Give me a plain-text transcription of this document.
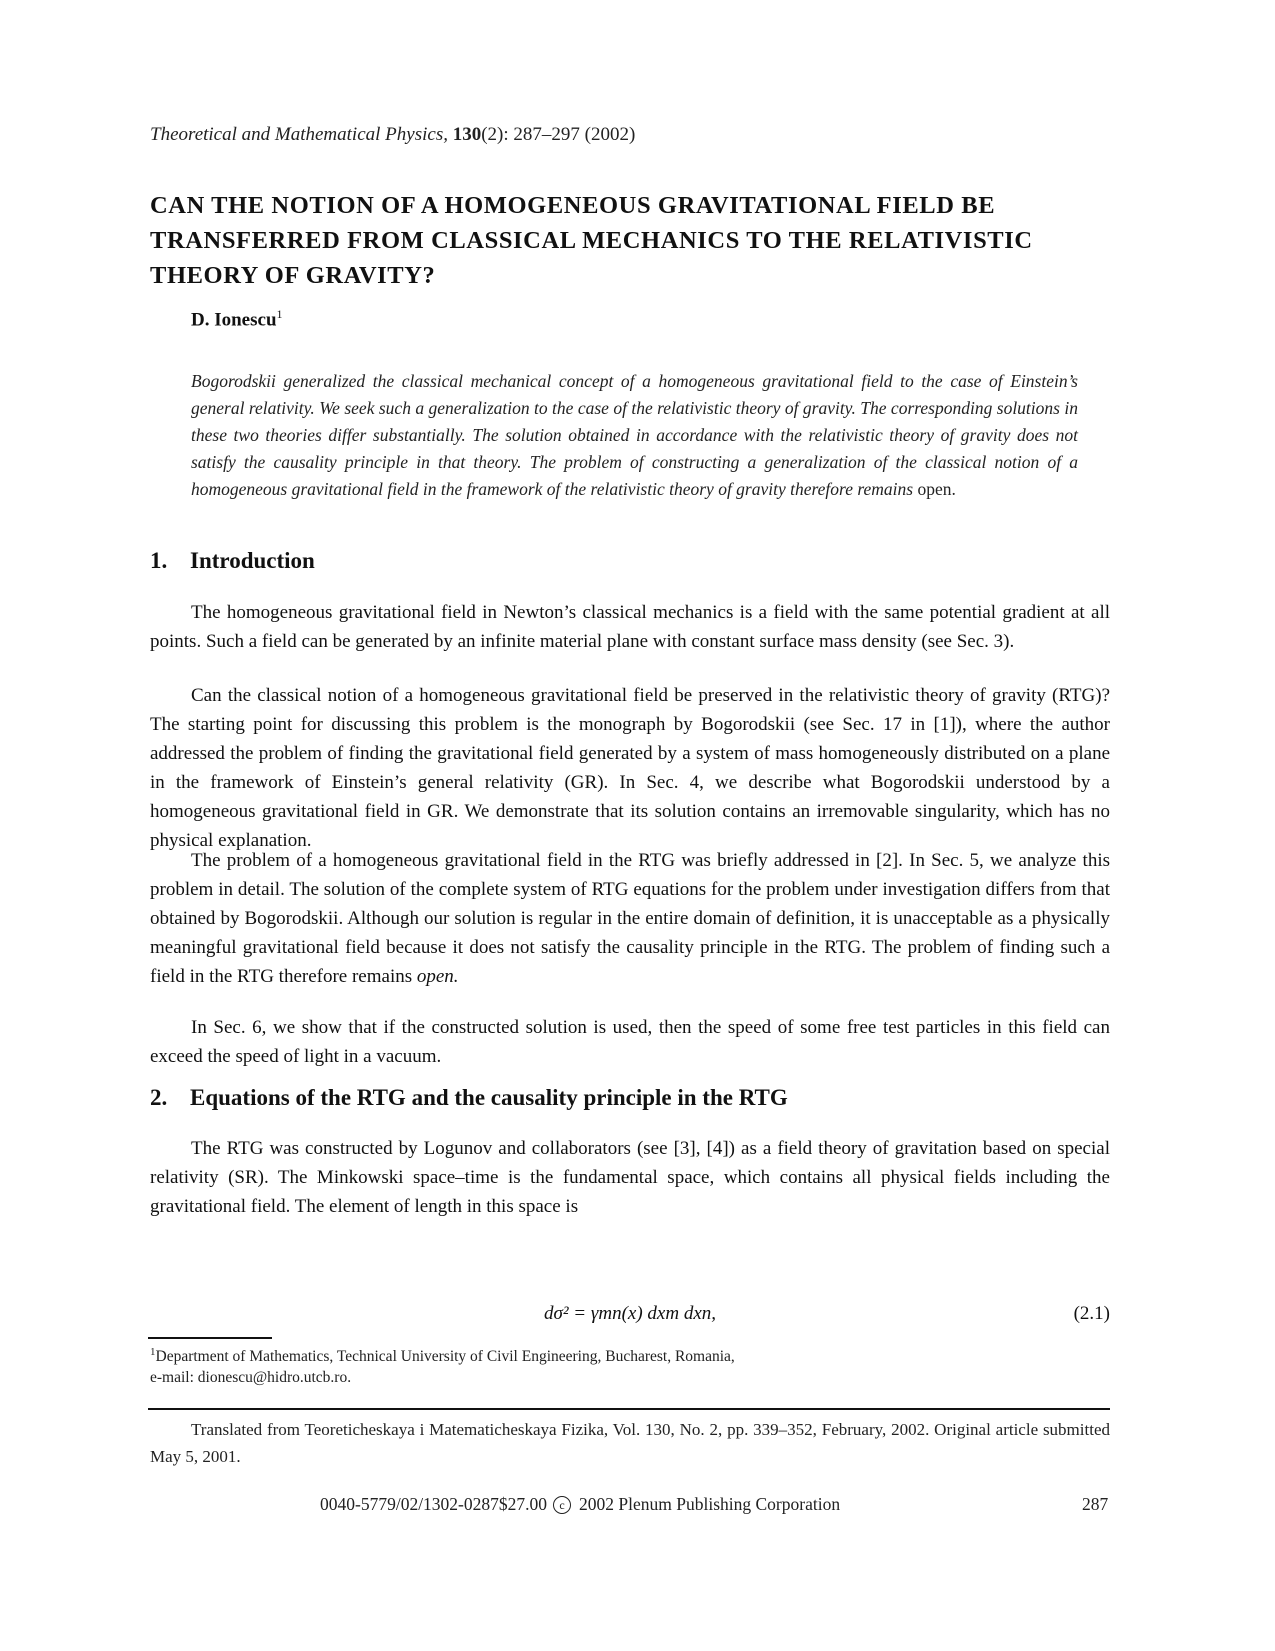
Theoretical and Mathematical Physics, 130(2): 287–297 (2002)
CAN THE NOTION OF A HOMOGENEOUS GRAVITATIONAL FIELD BE TRANSFERRED FROM CLASSICAL MECHANICS TO THE RELATIVISTIC THEORY OF GRAVITY?
D. Ionescu$^1$
Bogorodskii generalized the classical mechanical concept of a homogeneous gravitational field to the case of Einstein’s general relativity. We seek such a generalization to the case of the relativistic theory of gravity. The corresponding solutions in these two theories differ substantially. The solution obtained in accordance with the relativistic theory of gravity does not satisfy the causality principle in that theory. The problem of constructing a generalization of the classical notion of a homogeneous gravitational field in the framework of the relativistic theory of gravity therefore remains open.
1. Introduction

The homogeneous gravitational field in Newton’s classical mechanics is a field with the same potential gradient at all points. Such a field can be generated by an infinite material plane with constant surface mass density (see Sec. 3).

Can the classical notion of a homogeneous gravitational field be preserved in the relativistic theory of gravity (RTG)? The starting point for discussing this problem is the monograph by Bogorodskii (see Sec. 17 in [1]), where the author addressed the problem of finding the gravitational field generated by a system of mass homogeneously distributed on a plane in the framework of Einstein’s general relativity (GR). In Sec. 4, we describe what Bogorodskii understood by a homogeneous gravitational field in GR. We demonstrate that its solution contains an irremovable singularity, which has no physical explanation.

The problem of a homogeneous gravitational field in the RTG was briefly addressed in [2]. In Sec. 5, we analyze this problem in detail. The solution of the complete system of RTG equations for the problem under investigation differs from that obtained by Bogorodskii. Although our solution is regular in the entire domain of definition, it is unacceptable as a physically meaningful gravitational field because it does not satisfy the causality principle in the RTG. The problem of finding such a field in the RTG therefore remains open.

In Sec. 6, we show that if the constructed solution is used, then the speed of some free test particles in this field can exceed the speed of light in a vacuum.

2. Equations of the RTG and the causality principle in the RTG

The RTG was constructed by Logunov and collaborators (see [3], [4]) as a field theory of gravitation based on special relativity (SR). The Minkowski space–time is the fundamental space, which contains all physical fields including the gravitational field. The element of length in this space is

dσ² = γmn(x) dxm dxn,	(2.1)
$^1$Department of Mathematics, Technical University of Civil Engineering, Bucharest, Romania,
e-mail: dionescu@hidro.utcb.ro.

Translated from Teoreticheskaya i Matematicheskaya Fizika, Vol. 130, No. 2, pp. 339–352, February, 2002. Original article submitted May 5, 2001.

0040-5779/02/1302-0287$27.00 c 2002 Plenum Publishing Corporation	287
